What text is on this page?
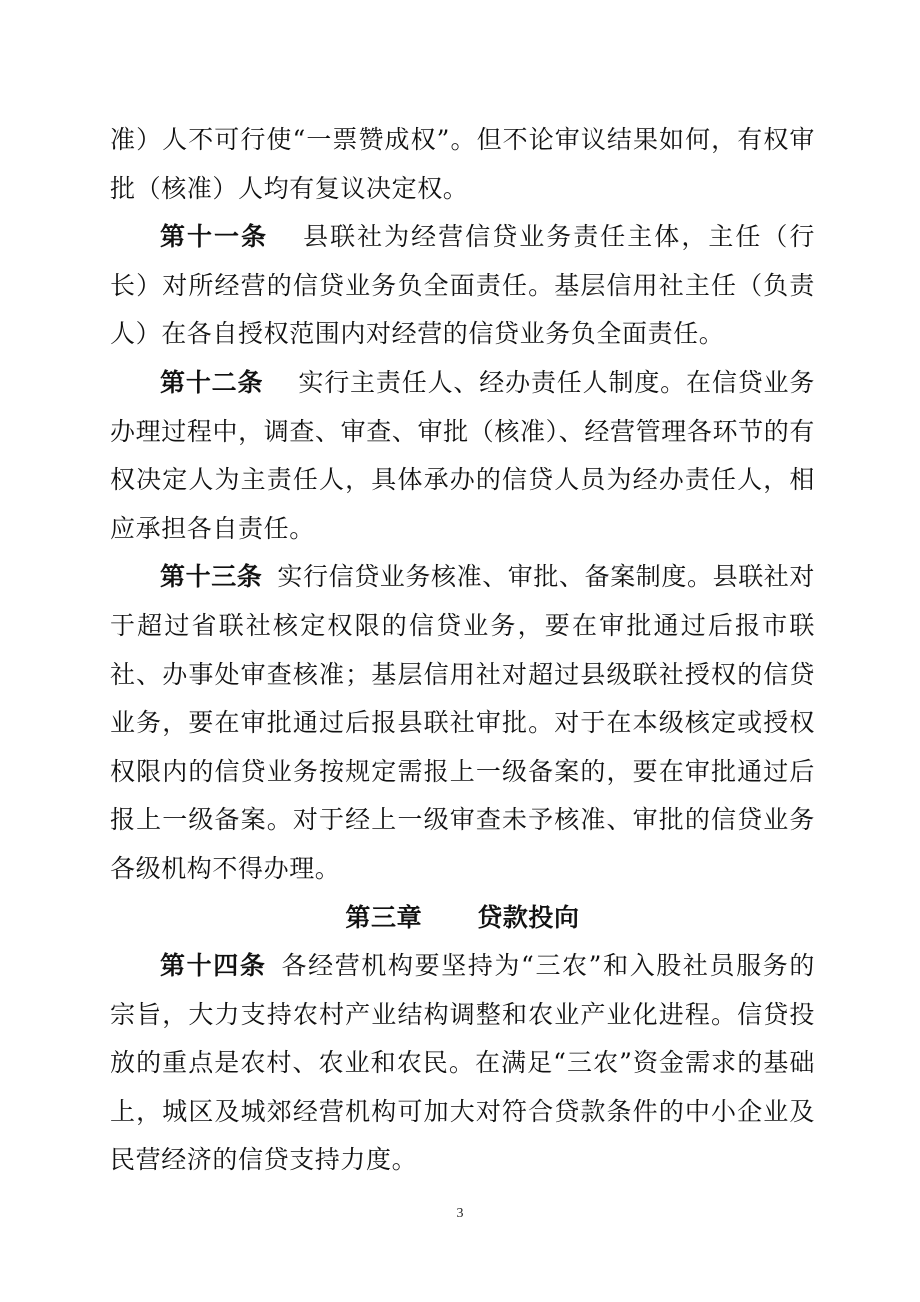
准）人不可行使“一票赞成权”。但不论审议结果如何，有权审批（核准）人均有复议决定权。

第十一条 县联社为经营信贷业务责任主体，主任（行长）对所经营的信贷业务负全面责任。基层信用社主任（负责人）在各自授权范围内对经营的信贷业务负全面责任。

第十二条 实行主责任人、经办责任人制度。在信贷业务办理过程中，调查、审查、审批（核准）、经营管理各环节的有权决定人为主责任人，具体承办的信贷人员为经办责任人，相应承担各自责任。

第十三条 实行信贷业务核准、审批、备案制度。县联社对于超过省联社核定权限的信贷业务，要在审批通过后报市联社、办事处审查核准；基层信用社对超过县级联社授权的信贷业务，要在审批通过后报县联社审批。对于在本级核定或授权权限内的信贷业务按规定需报上一级备案的，要在审批通过后报上一级备案。对于经上一级审查未予核准、审批的信贷业务各级机构不得办理。

第三章 贷款投向

第十四条 各经营机构要坚持为“三农”和入股社员服务的宗旨，大力支持农村产业结构调整和农业产业化进程。信贷投放的重点是农村、农业和农民。在满足“三农”资金需求的基础上，城区及城郊经营机构可加大对符合贷款条件的中小企业及民营经济的信贷支持力度。

3
